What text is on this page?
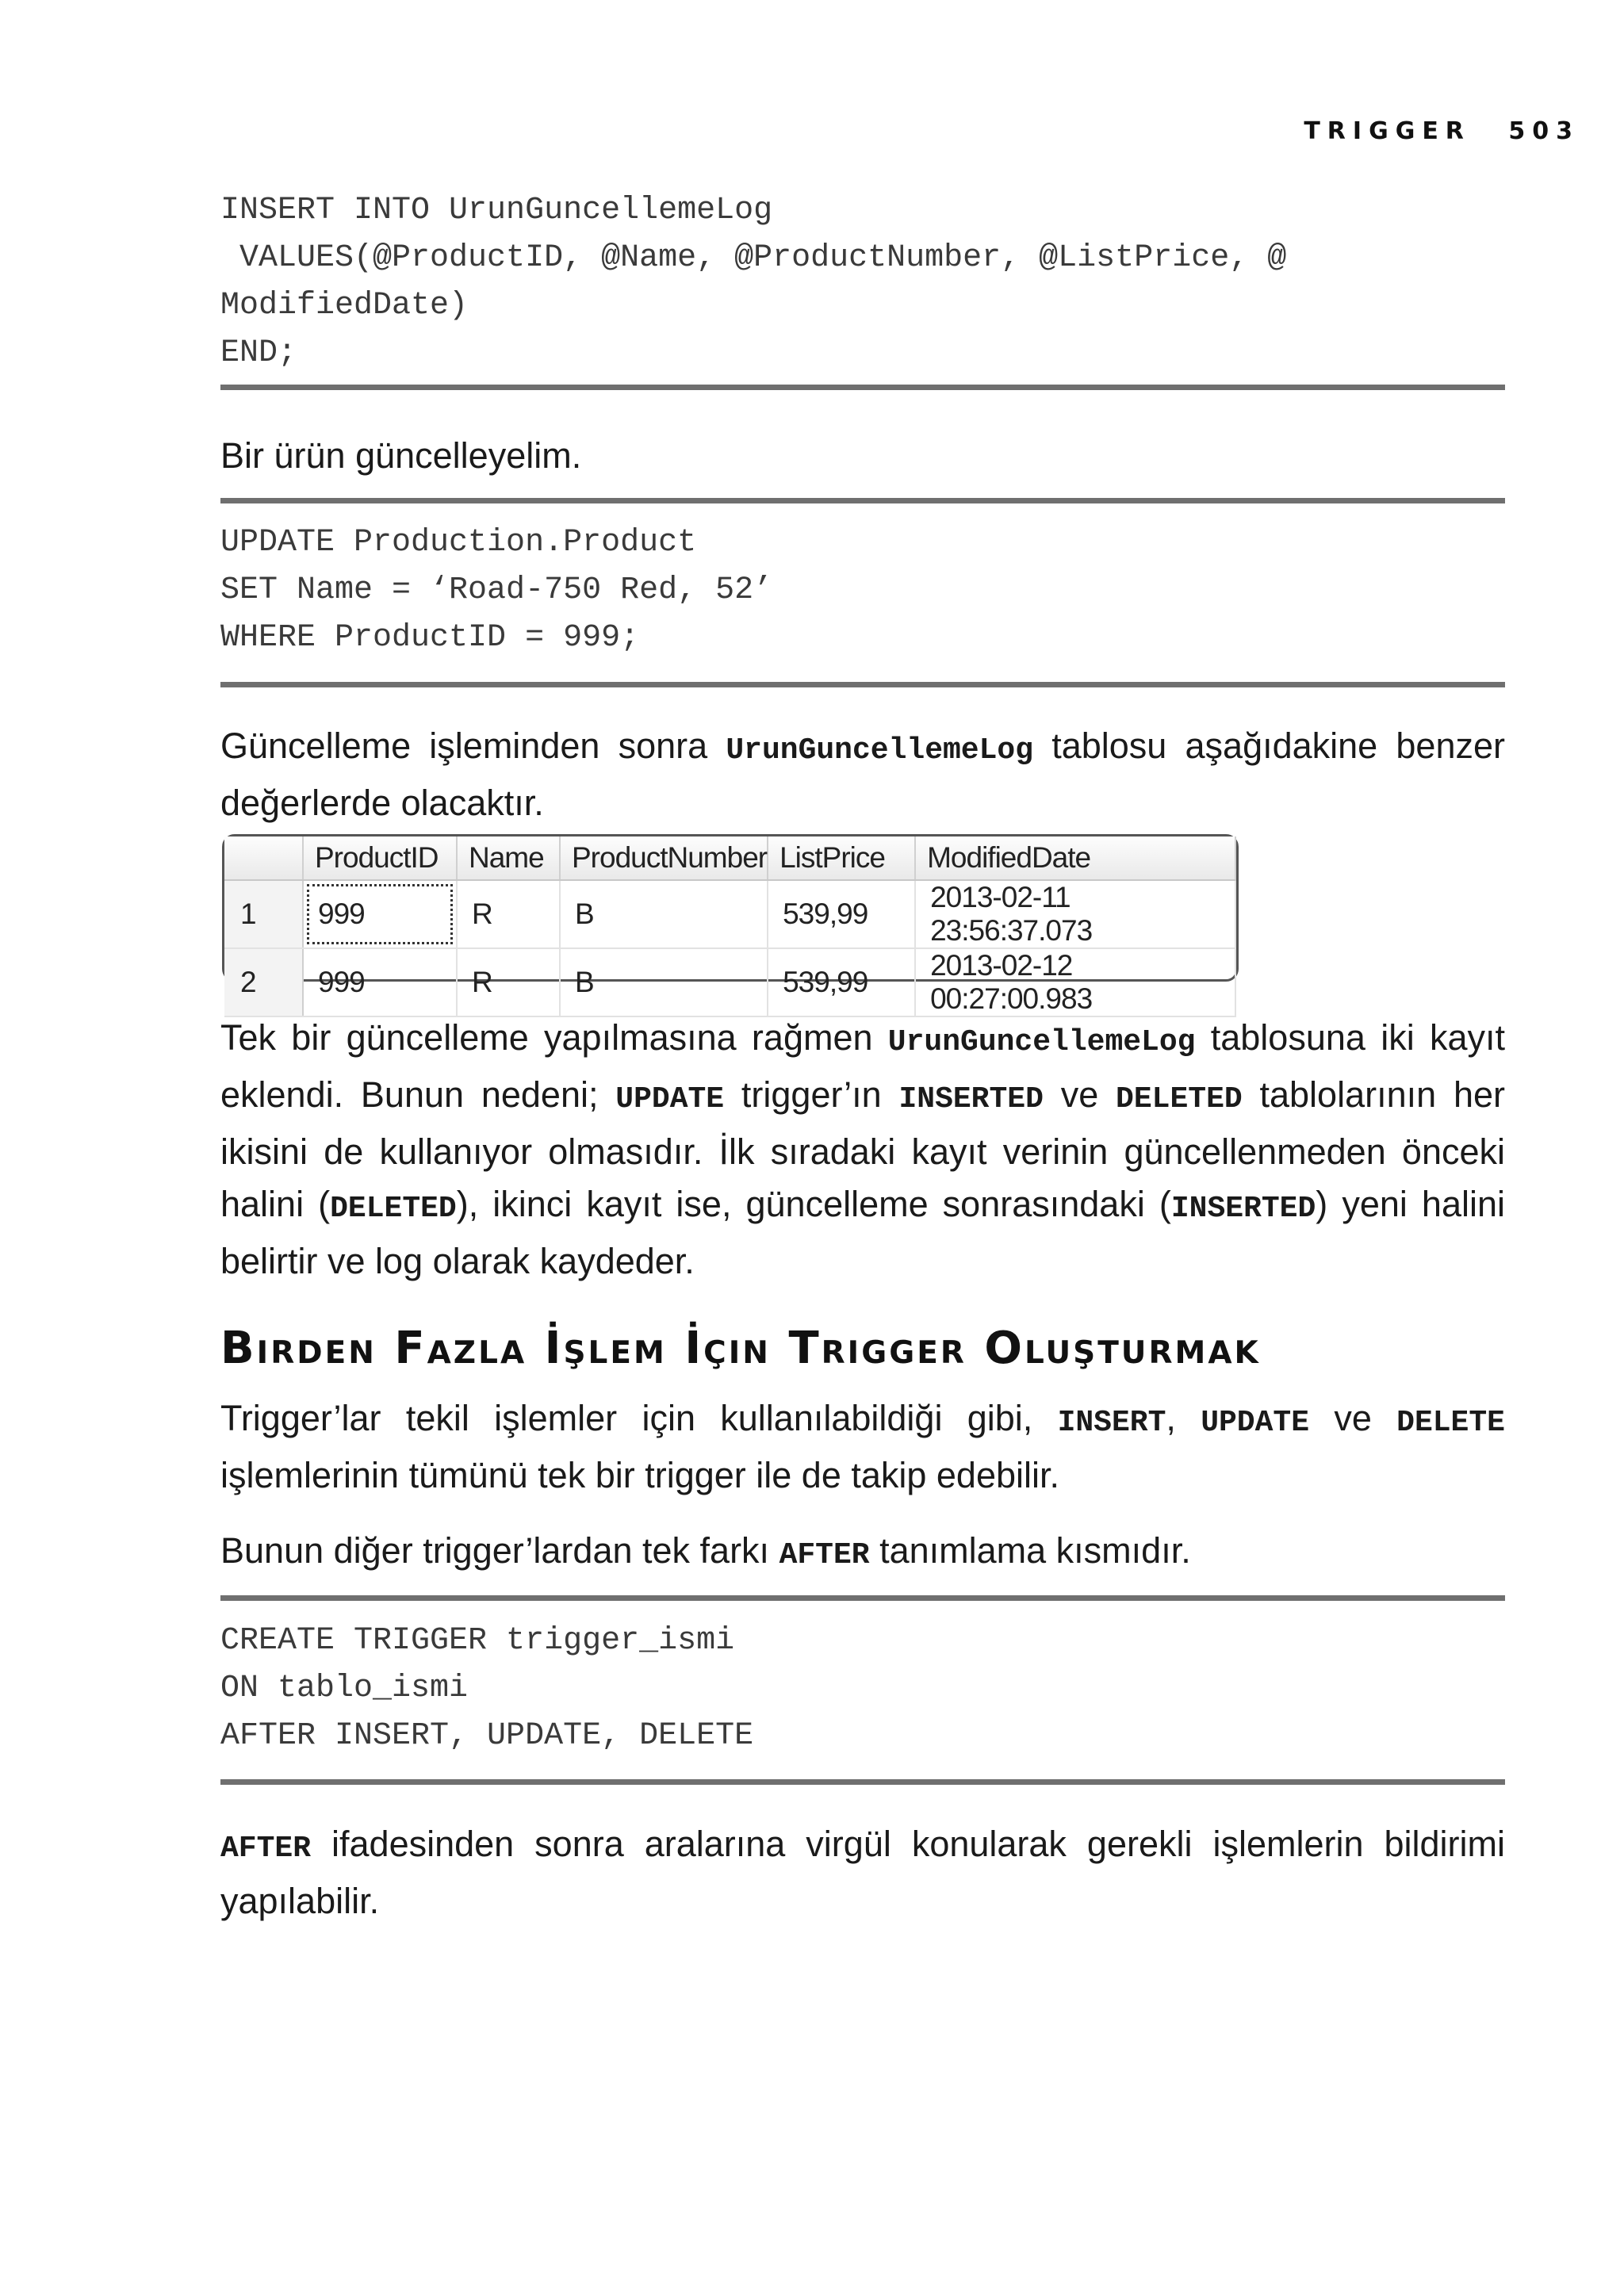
TRIGGER 503
INSERT INTO UrunGuncellemeLog
VALUES(@ProductID, @Name, @ProductNumber, @ListPrice, @
ModifiedDate)
END;

Bir ürün güncelleyelim.

UPDATE Production.Product
SET Name = ‘Road-750 Red, 52’
WHERE ProductID = 999;

Güncelleme işleminden sonra UrunGuncellemeLog tablosu aşağıdakine benzer değerlerde olacaktır.

	ProductID	Name	ProductNumber	ListPrice	ModifiedDate
1	999	R	B	539,99	2013-02-11 23:56:37.073
2	999	R	B	539,99	2013-02-12 00:27:00.983

Tek bir güncelleme yapılmasına rağmen UrunGuncellemeLog tablosuna iki kayıt eklendi. Bunun nedeni; UPDATE trigger’ın INSERTED ve DELETED tablolarının her ikisini de kullanıyor olmasıdır. İlk sıradaki kayıt verinin güncellenmeden önceki halini (DELETED), ikinci kayıt ise, güncelleme sonrasındaki (INSERTED) yeni halini belirtir ve log olarak kaydeder.

Birden Fazla İşlem İçin Trigger Oluşturmak

Trigger’lar tekil işlemler için kullanılabildiği gibi, INSERT, UPDATE ve DELETE işlemlerinin tümünü tek bir trigger ile de takip edebilir.

Bunun diğer trigger’lardan tek farkı AFTER tanımlama kısmıdır.

CREATE TRIGGER trigger_ismi
ON tablo_ismi
AFTER INSERT, UPDATE, DELETE

AFTER ifadesinden sonra aralarına virgül konularak gerekli işlemlerin bildirimi yapılabilir.
